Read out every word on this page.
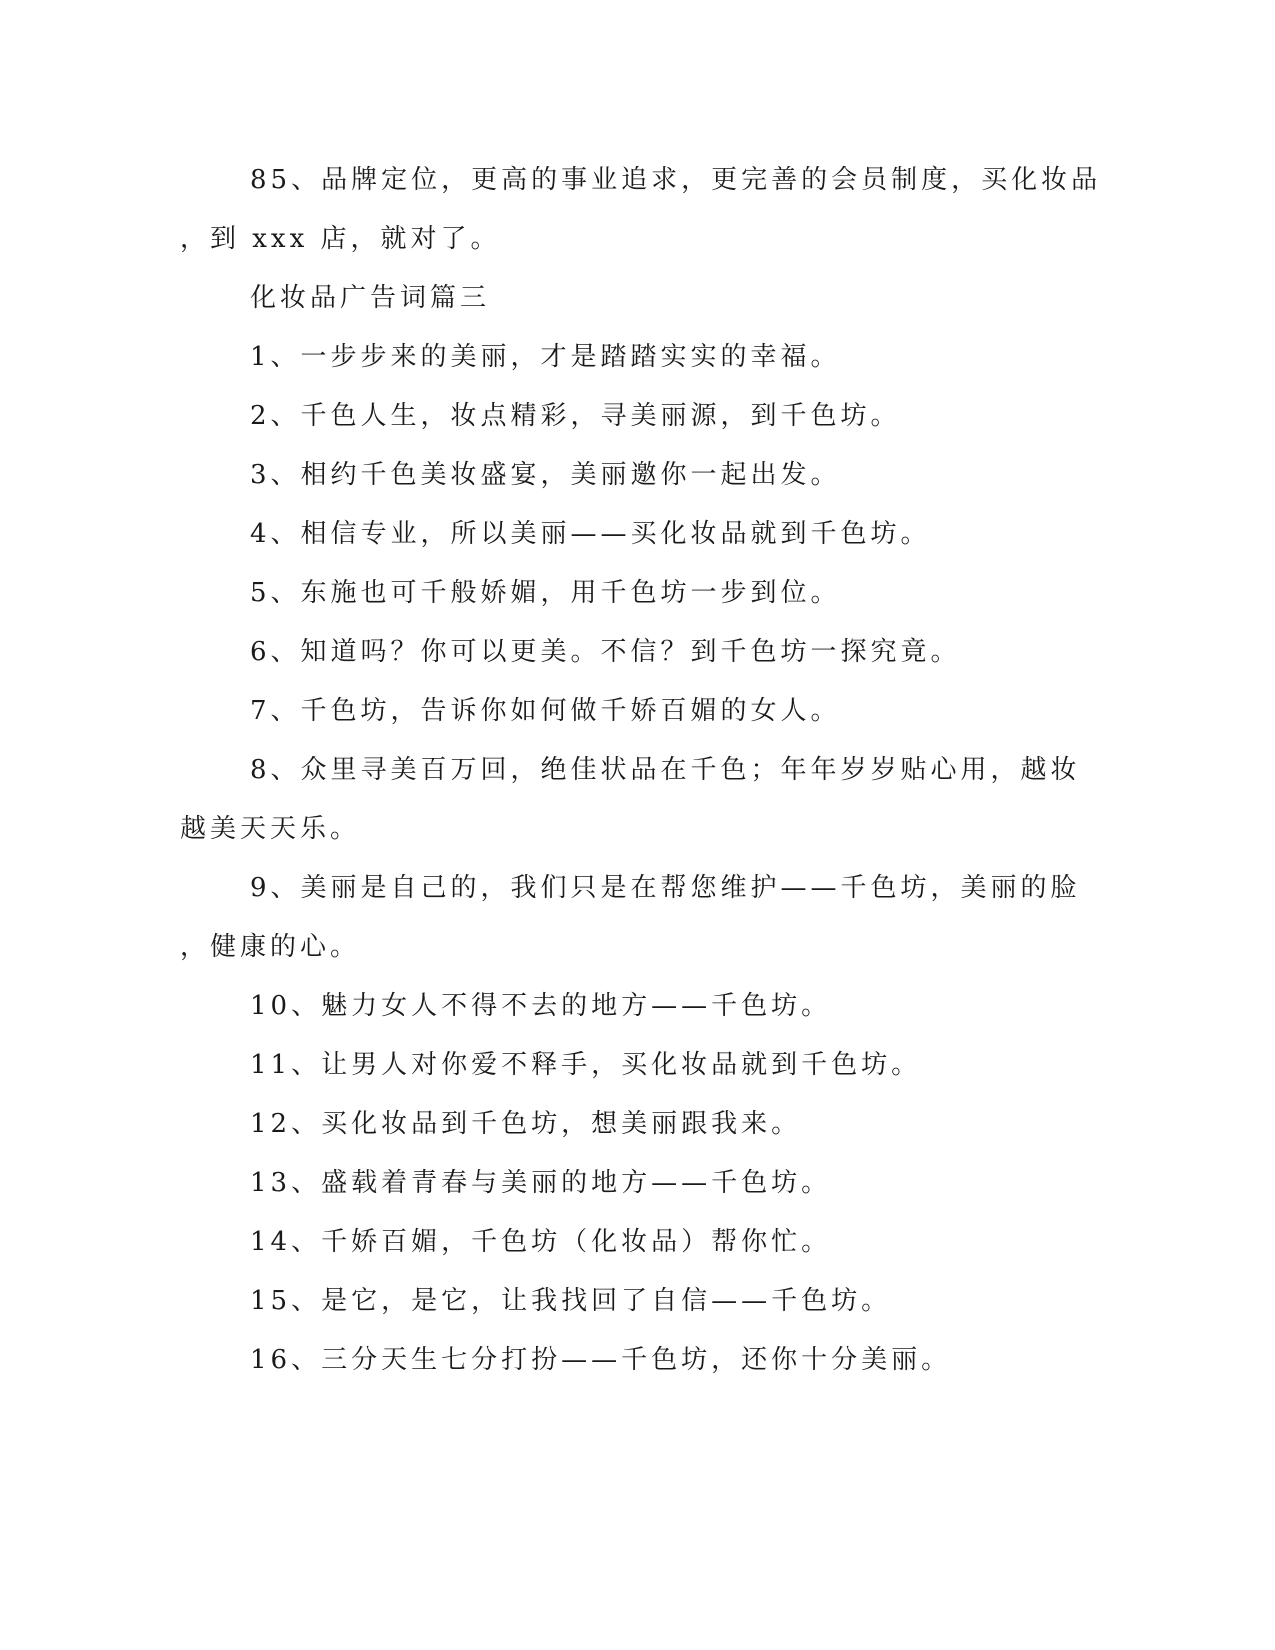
85、品牌定位，更高的事业追求，更完善的会员制度，买化妆品
，到 xxx 店，就对了。
化妆品广告词篇三
1、一步步来的美丽，才是踏踏实实的幸福。
2、千色人生，妆点精彩，寻美丽源，到千色坊。
3、相约千色美妆盛宴，美丽邀你一起出发。
4、相信专业，所以美丽——买化妆品就到千色坊。
5、东施也可千般娇媚，用千色坊一步到位。
6、知道吗？你可以更美。不信？到千色坊一探究竟。
7、千色坊，告诉你如何做千娇百媚的女人。
8、众里寻美百万回，绝佳状品在千色；年年岁岁贴心用，越妆
越美天天乐。
9、美丽是自己的，我们只是在帮您维护——千色坊，美丽的脸
，健康的心。
10、魅力女人不得不去的地方——千色坊。
11、让男人对你爱不释手，买化妆品就到千色坊。
12、买化妆品到千色坊，想美丽跟我来。
13、盛载着青春与美丽的地方——千色坊。
14、千娇百媚，千色坊（化妆品）帮你忙。
15、是它，是它，让我找回了自信——千色坊。
16、三分天生七分打扮——千色坊，还你十分美丽。
